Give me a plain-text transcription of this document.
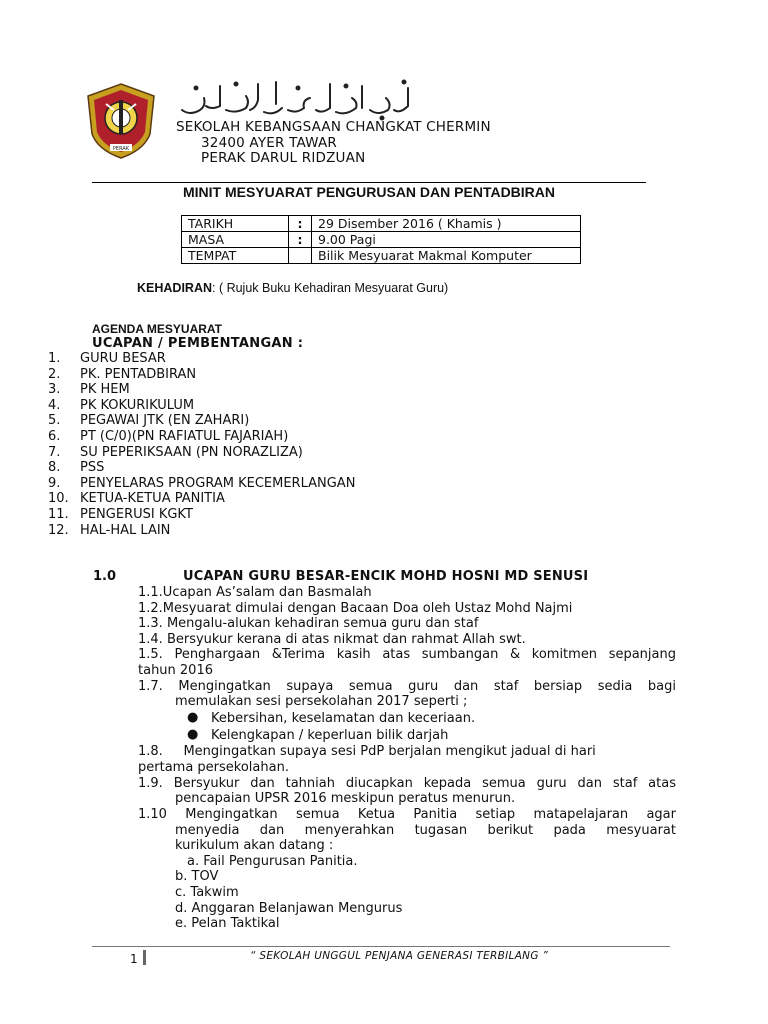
PERAK
SEKOLAH KEBANGSAAN CHANGKAT CHERMIN
32400 AYER TAWAR
PERAK DARUL RIDZUAN
MINIT MESYUARAT PENGURUSAN DAN PENTADBIRAN
TARIKH	:	29 Disember 2016 ( Khamis )
MASA	:	9.00 Pagi
TEMPAT		Bilik Mesyuarat Makmal Komputer
KEHADIRAN: ( Rujuk Buku Kehadiran Mesyuarat Guru)
AGENDA MESYUARAT
UCAPAN / PEMBENTANGAN :
1. GURU BESAR
2. PK. PENTADBIRAN
3. PK HEM
4. PK KOKURIKULUM
5. PEGAWAI JTK (EN ZAHARI)
6. PT (C/0)(PN RAFIATUL FAJARIAH)
7. SU PEPERIKSAAN (PN NORAZLIZA)
8. PSS
9. PENYELARAS PROGRAM KECEMERLANGAN
10. KETUA-KETUA PANITIA
11. PENGERUSI KGKT
12. HAL-HAL LAIN
1.0	UCAPAN GURU BESAR-ENCIK MOHD HOSNI MD SENUSI
1.1.Ucapan As’salam dan Basmalah
1.2.Mesyuarat dimulai dengan Bacaan Doa oleh Ustaz Mohd Najmi
1.3. Mengalu-alukan kehadiran semua guru dan staf
1.4. Bersyukur kerana di atas nikmat dan rahmat Allah swt.
1.5. Penghargaan &Terima kasih atas sumbangan & komitmen sepanjang
tahun 2016
1.7. Mengingatkan supaya semua guru dan staf bersiap sedia bagi
memulakan sesi persekolahan 2017 seperti ;
● Kebersihan, keselamatan dan keceriaan.
● Kelengkapan / keperluan bilik darjah
1.8.     Mengingatkan supaya sesi PdP berjalan mengikut jadual di hari
pertama persekolahan.
1.9. Bersyukur dan tahniah diucapkan kepada semua guru dan staf atas
pencapaian UPSR 2016 meskipun peratus menurun.
1.10 Mengingatkan semua Ketua Panitia setiap matapelajaran agar
menyedia dan menyerahkan tugasan berikut pada mesyuarat
kurikulum akan datang :
a. Fail Pengurusan Panitia.
b. TOV
c. Takwim
d. Anggaran Belanjawan Mengurus
e. Pelan Taktikal
1	“ SEKOLAH UNGGUL PENJANA GENERASI TERBILANG ”
